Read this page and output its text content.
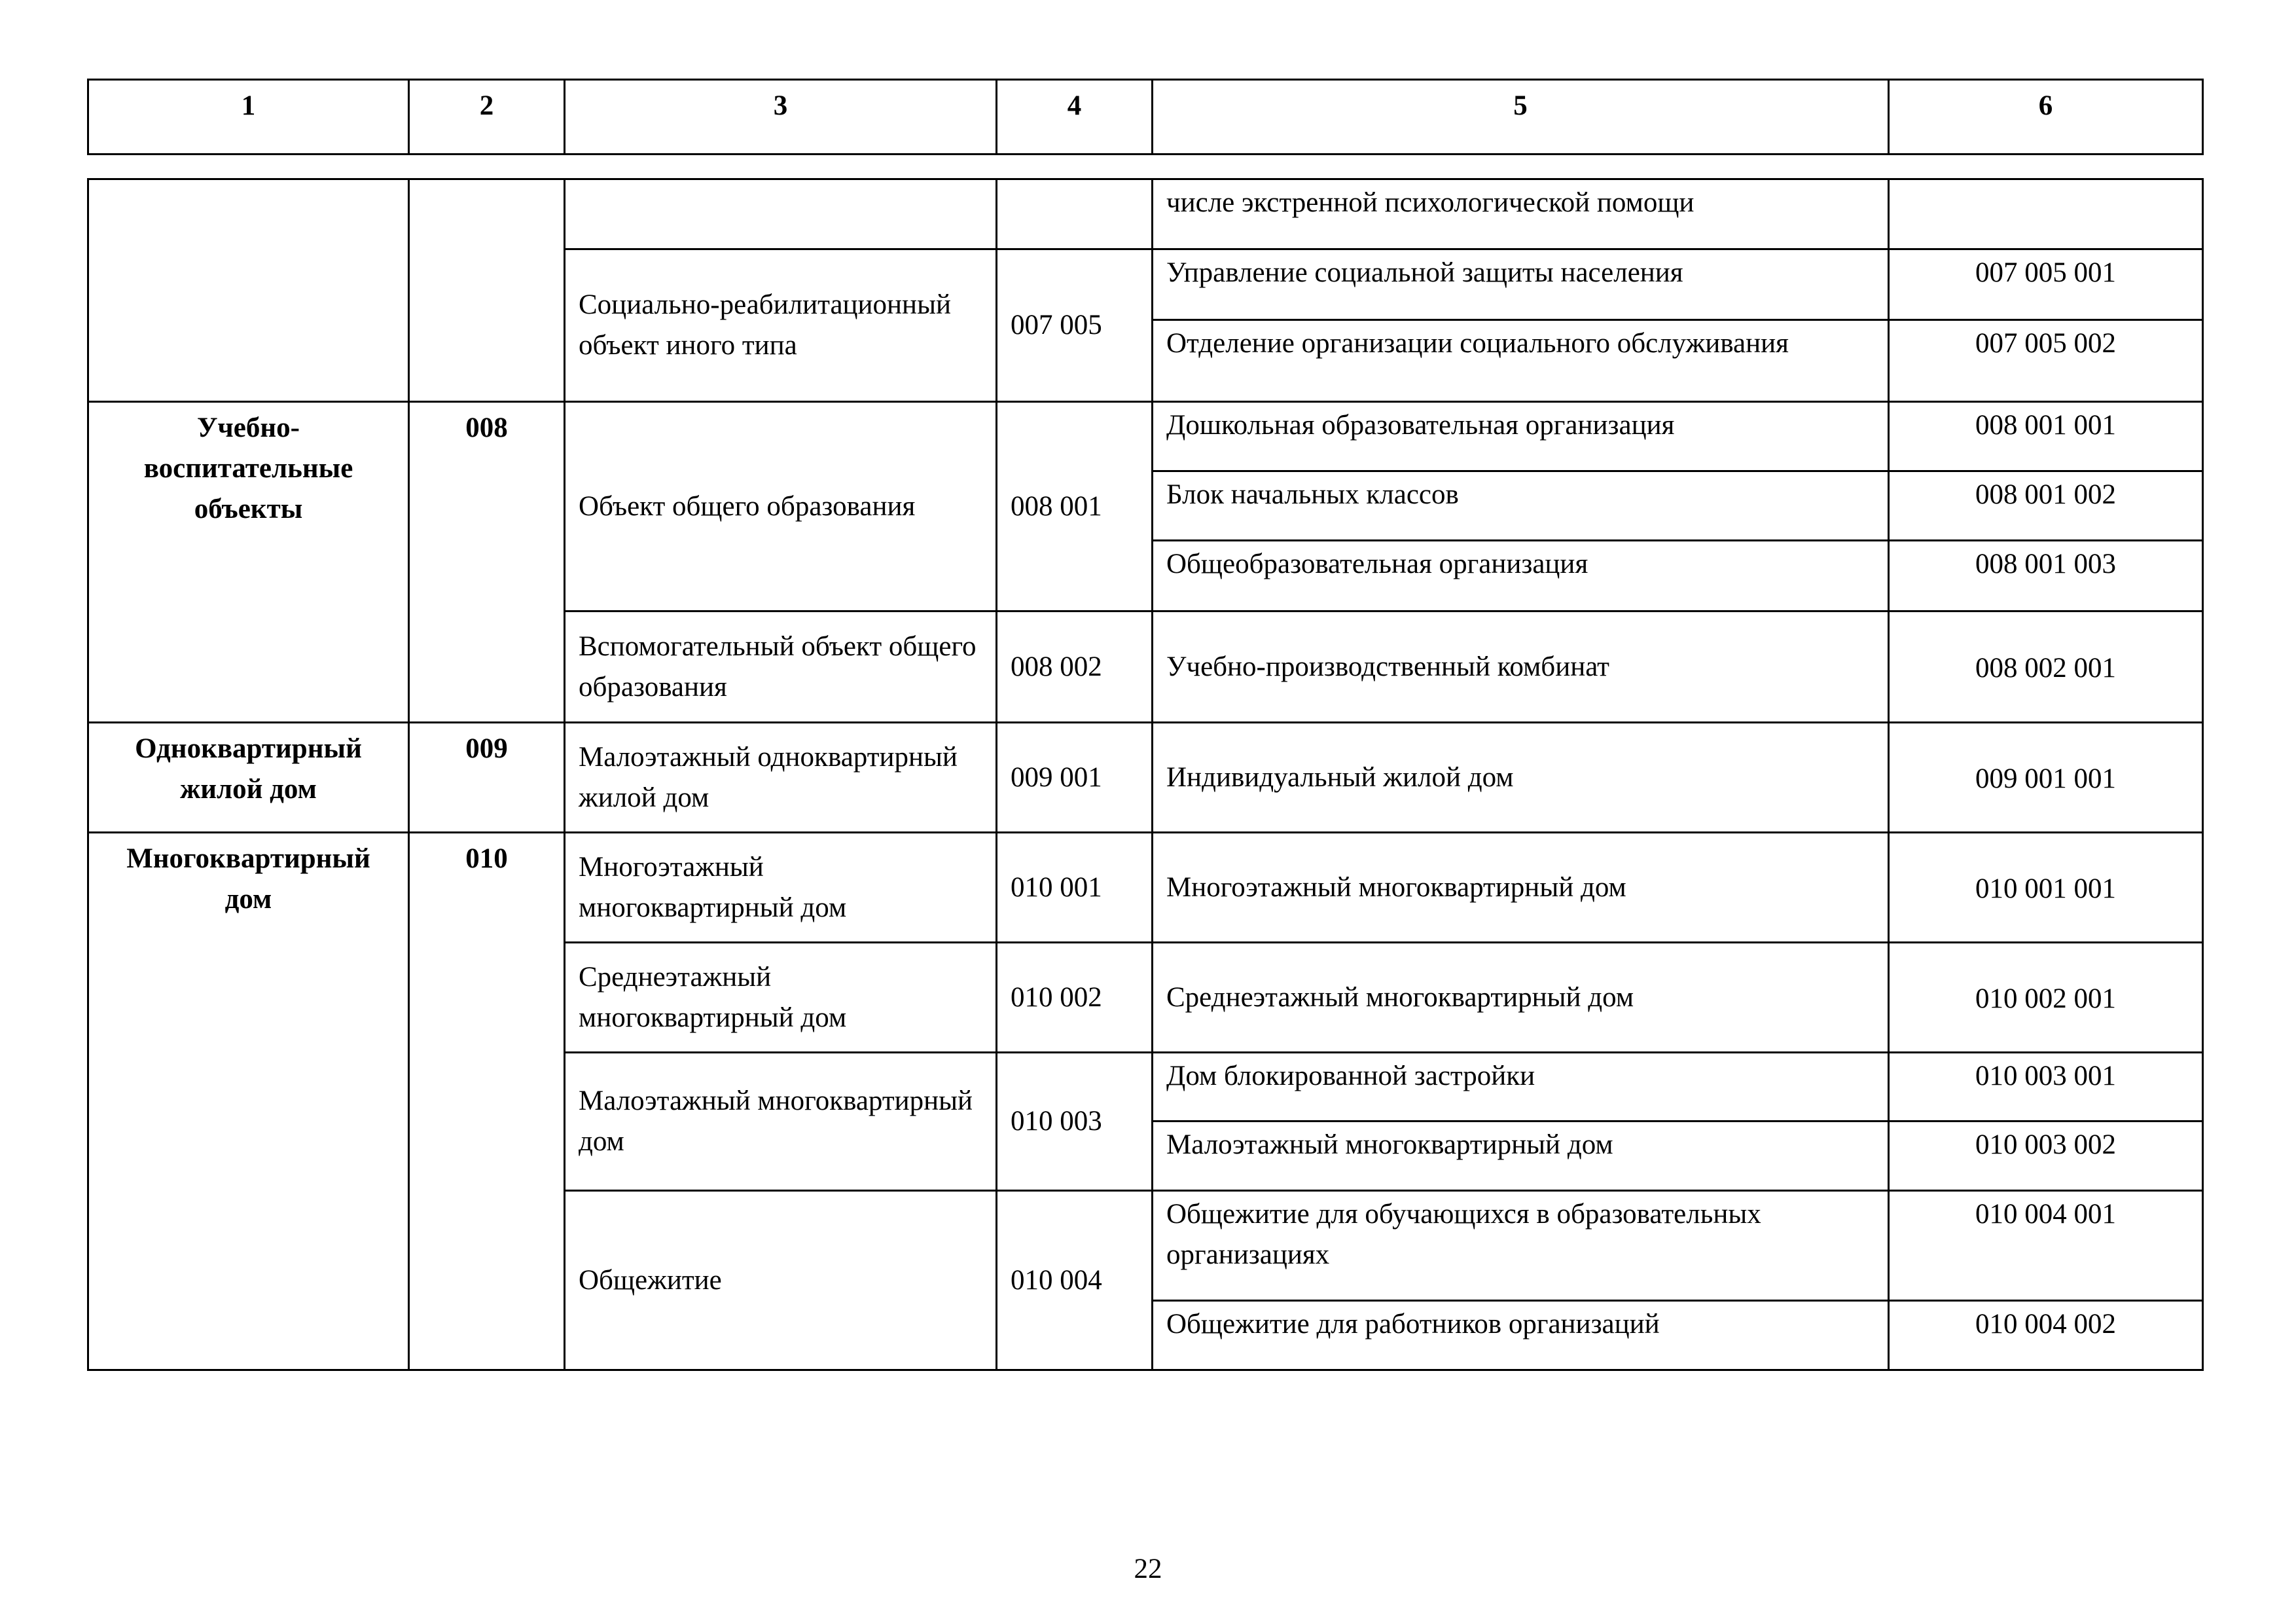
1	2	3	4	5	6
				числе экстренной психологической помощи	
		Социально-реабилитационный объект иного типа	007 005	Управление социальной защиты населения	007 005 001
				Отделение организации социального обслуживания	007 005 002
Учебно-воспитательные объекты	008	Объект общего образования	008 001	Дошкольная образовательная организация	008 001 001
				Блок начальных классов	008 001 002
				Общеобразовательная организация	008 001 003
		Вспомогательный объект общего образования	008 002	Учебно-производственный комбинат	008 002 001
Одноквартирный жилой дом	009	Малоэтажный одноквартирный жилой дом	009 001	Индивидуальный жилой дом	009 001 001
Многоквартирный дом	010	Многоэтажный многоквартирный дом	010 001	Многоэтажный многоквартирный дом	010 001 001
		Среднеэтажный многоквартирный дом	010 002	Среднеэтажный многоквартирный дом	010 002 001
		Малоэтажный многоквартирный дом	010 003	Дом блокированной застройки	010 003 001
				Малоэтажный многоквартирный дом	010 003 002
		Общежитие	010 004	Общежитие для обучающихся в образовательных организациях	010 004 001
				Общежитие для работников организаций	010 004 002
22
